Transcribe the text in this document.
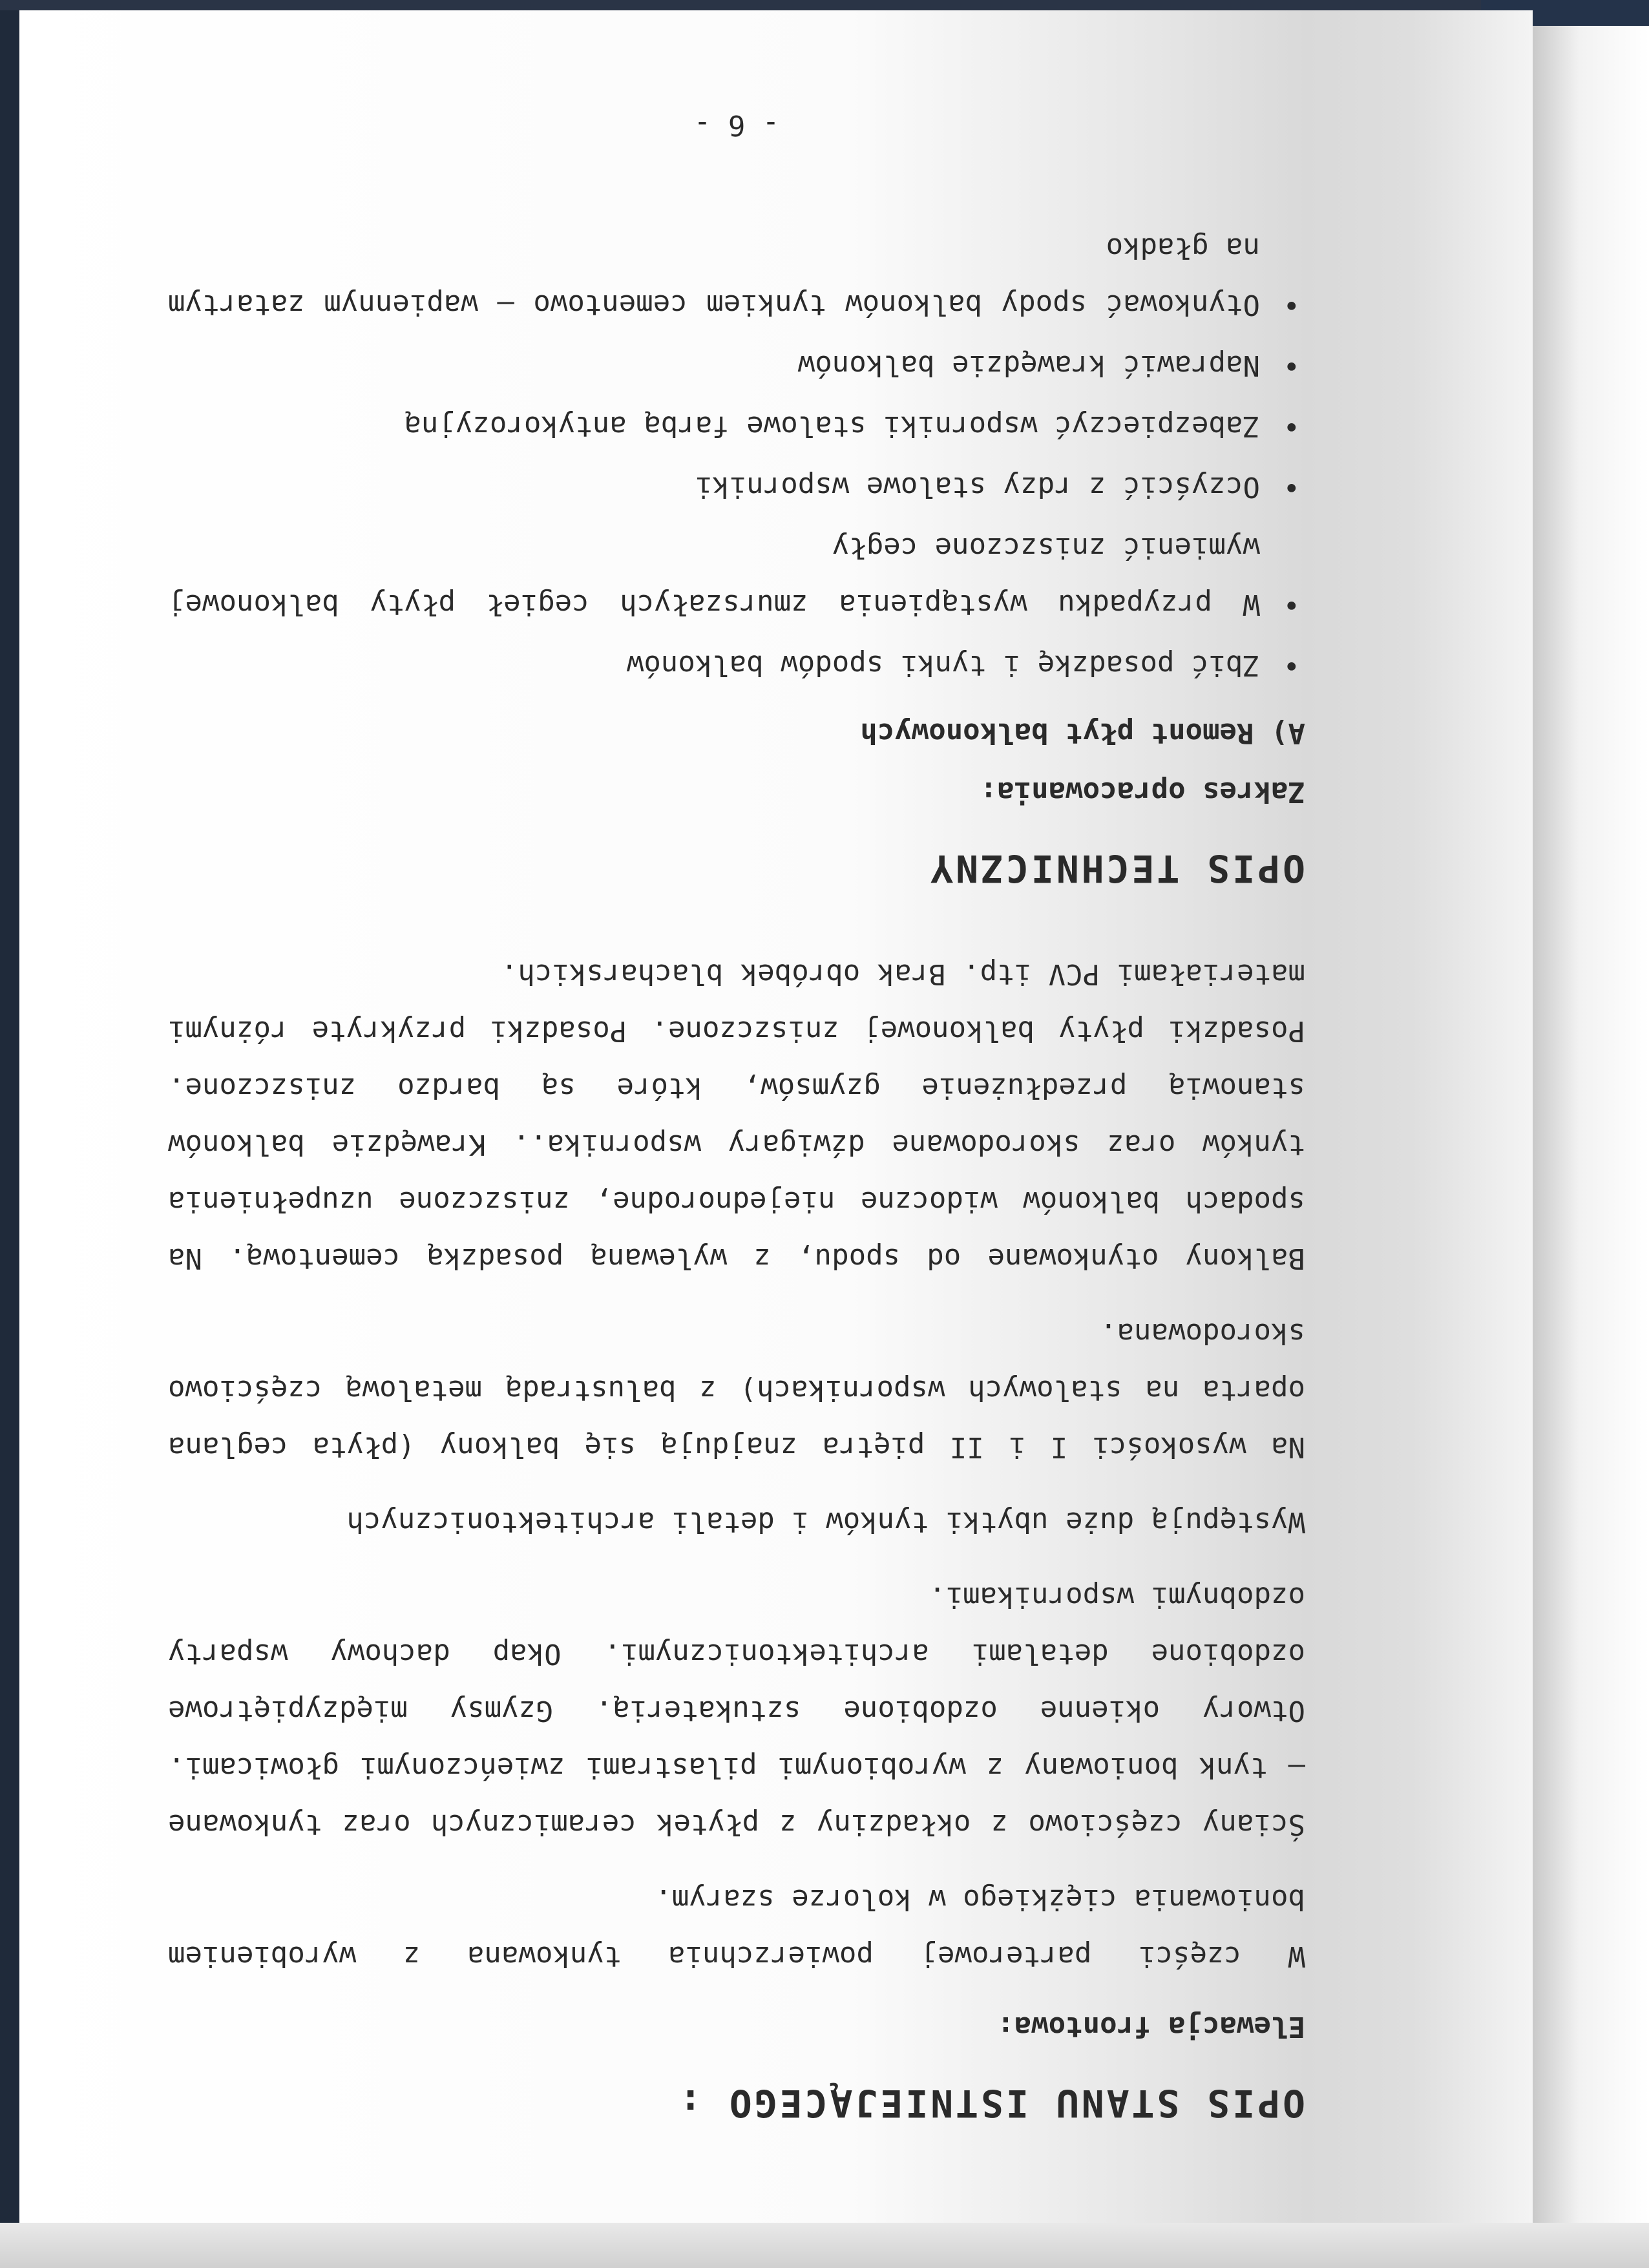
OPIS STANU ISTNIEJĄCEGO :
Elewacja frontowa:

W części parterowej powierzchnia tynkowana z wyrobieniem boniowania ciężkiego w kolorze szarym.

Ściany częściowo z okładziny z płytek ceramicznych oraz tynkowane – tynk boniowany z wyrobionymi pilastrami zwieńczonymi głowicami. Otwory okienne ozdobione sztukaterią. Gzymsy międzypiętrowe ozdobione detalami architektonicznymi. Okap dachowy wsparty ozdobnymi wspornikami.

Występują duże ubytki tynków i detali architektonicznych

Na wysokości I i II piętra znajdują się balkony (płyta ceglana oparta na stalowych wspornikach) z balustradą metalową częściowo skorodowana.

Balkony otynkowane od spodu, z wylewaną posadzką cementową. Na spodach balkonów widoczne niejednorodne, zniszczone uzupełnienia tynków oraz skorodowane dźwigary wspornika.. Krawędzie balkonów stanowią przedłużenie gzymsów, które są bardzo zniszczone. Posadzki płyty balkonowej zniszczone. Posadzki przykryte różnymi materiałami PCV itp. Brak obróbek blacharskich.

OPIS TECHNICZNY
Zakres opracowania:
A) Remont płyt balkonowych
•
Zbić posadzkę i tynki spodów balkonów
•
W przypadku wystąpienia zmurszałych cegieł płyty balkonowej wymienić zniszczone cegły
•
Oczyścić z rdzy stalowe wsporniki
•
Zabezpieczyć wsporniki stalowe farbą antykorozyjną
•
Naprawić krawędzie balkonów
•
Otynkować spody balkonów tynkiem cementowo – wapiennym zatartym na gładko
- 6 -
